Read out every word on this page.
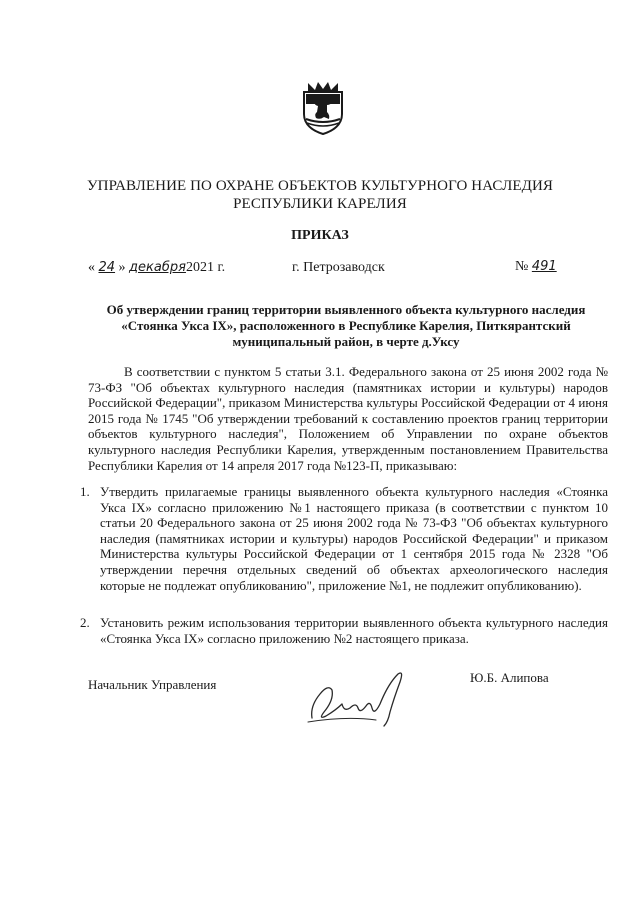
УПРАВЛЕНИЕ ПО ОХРАНЕ ОБЪЕКТОВ КУЛЬТУРНОГО НАСЛЕДИЯ
РЕСПУБЛИКИ КАРЕЛИЯ
ПРИКАЗ
« 24 » декабря2021 г.	г. Петрозаводск	№ 491
Об утверждении границ территории выявленного объекта культурного наследия
«Стоянка Укса IX», расположенного в Республике Карелия, Питкярантский
муниципальный район, в черте д.Уксу

В соответствии с пунктом 5 статьи 3.1. Федерального закона от 25 июня 2002 года № 73-ФЗ "Об объектах культурного наследия (памятниках истории и культуры) народов Российской Федерации", приказом Министерства культуры Российской Федерации от 4 июня 2015 года № 1745 "Об утверждении требований к составлению проектов границ территории объектов культурного наследия", Положением об Управлении по охране объектов культурного наследия Республики Карелия, утвержденным постановлением Правительства Республики Карелия от 14 апреля 2017 года №123-П, приказываю:

1. Утвердить прилагаемые границы выявленного объекта культурного наследия «Стоянка Укса IX» согласно приложению №1 настоящего приказа (в соответствии с пунктом 10 статьи 20 Федерального закона от 25 июня 2002 года № 73-ФЗ "Об объектах культурного наследия (памятниках истории и культуры) народов Российской Федерации" и приказом Министерства культуры Российской Федерации от 1 сентября 2015 года № 2328 "Об утверждении перечня отдельных сведений об объектах археологического наследия которые не подлежат опубликованию", приложение №1, не подлежит опубликованию).
2. Установить режим использования территории выявленного объекта культурного наследия «Стоянка Укса IX» согласно приложению №2 настоящего приказа.
Начальник Управления	Ю.Б. Алипова
